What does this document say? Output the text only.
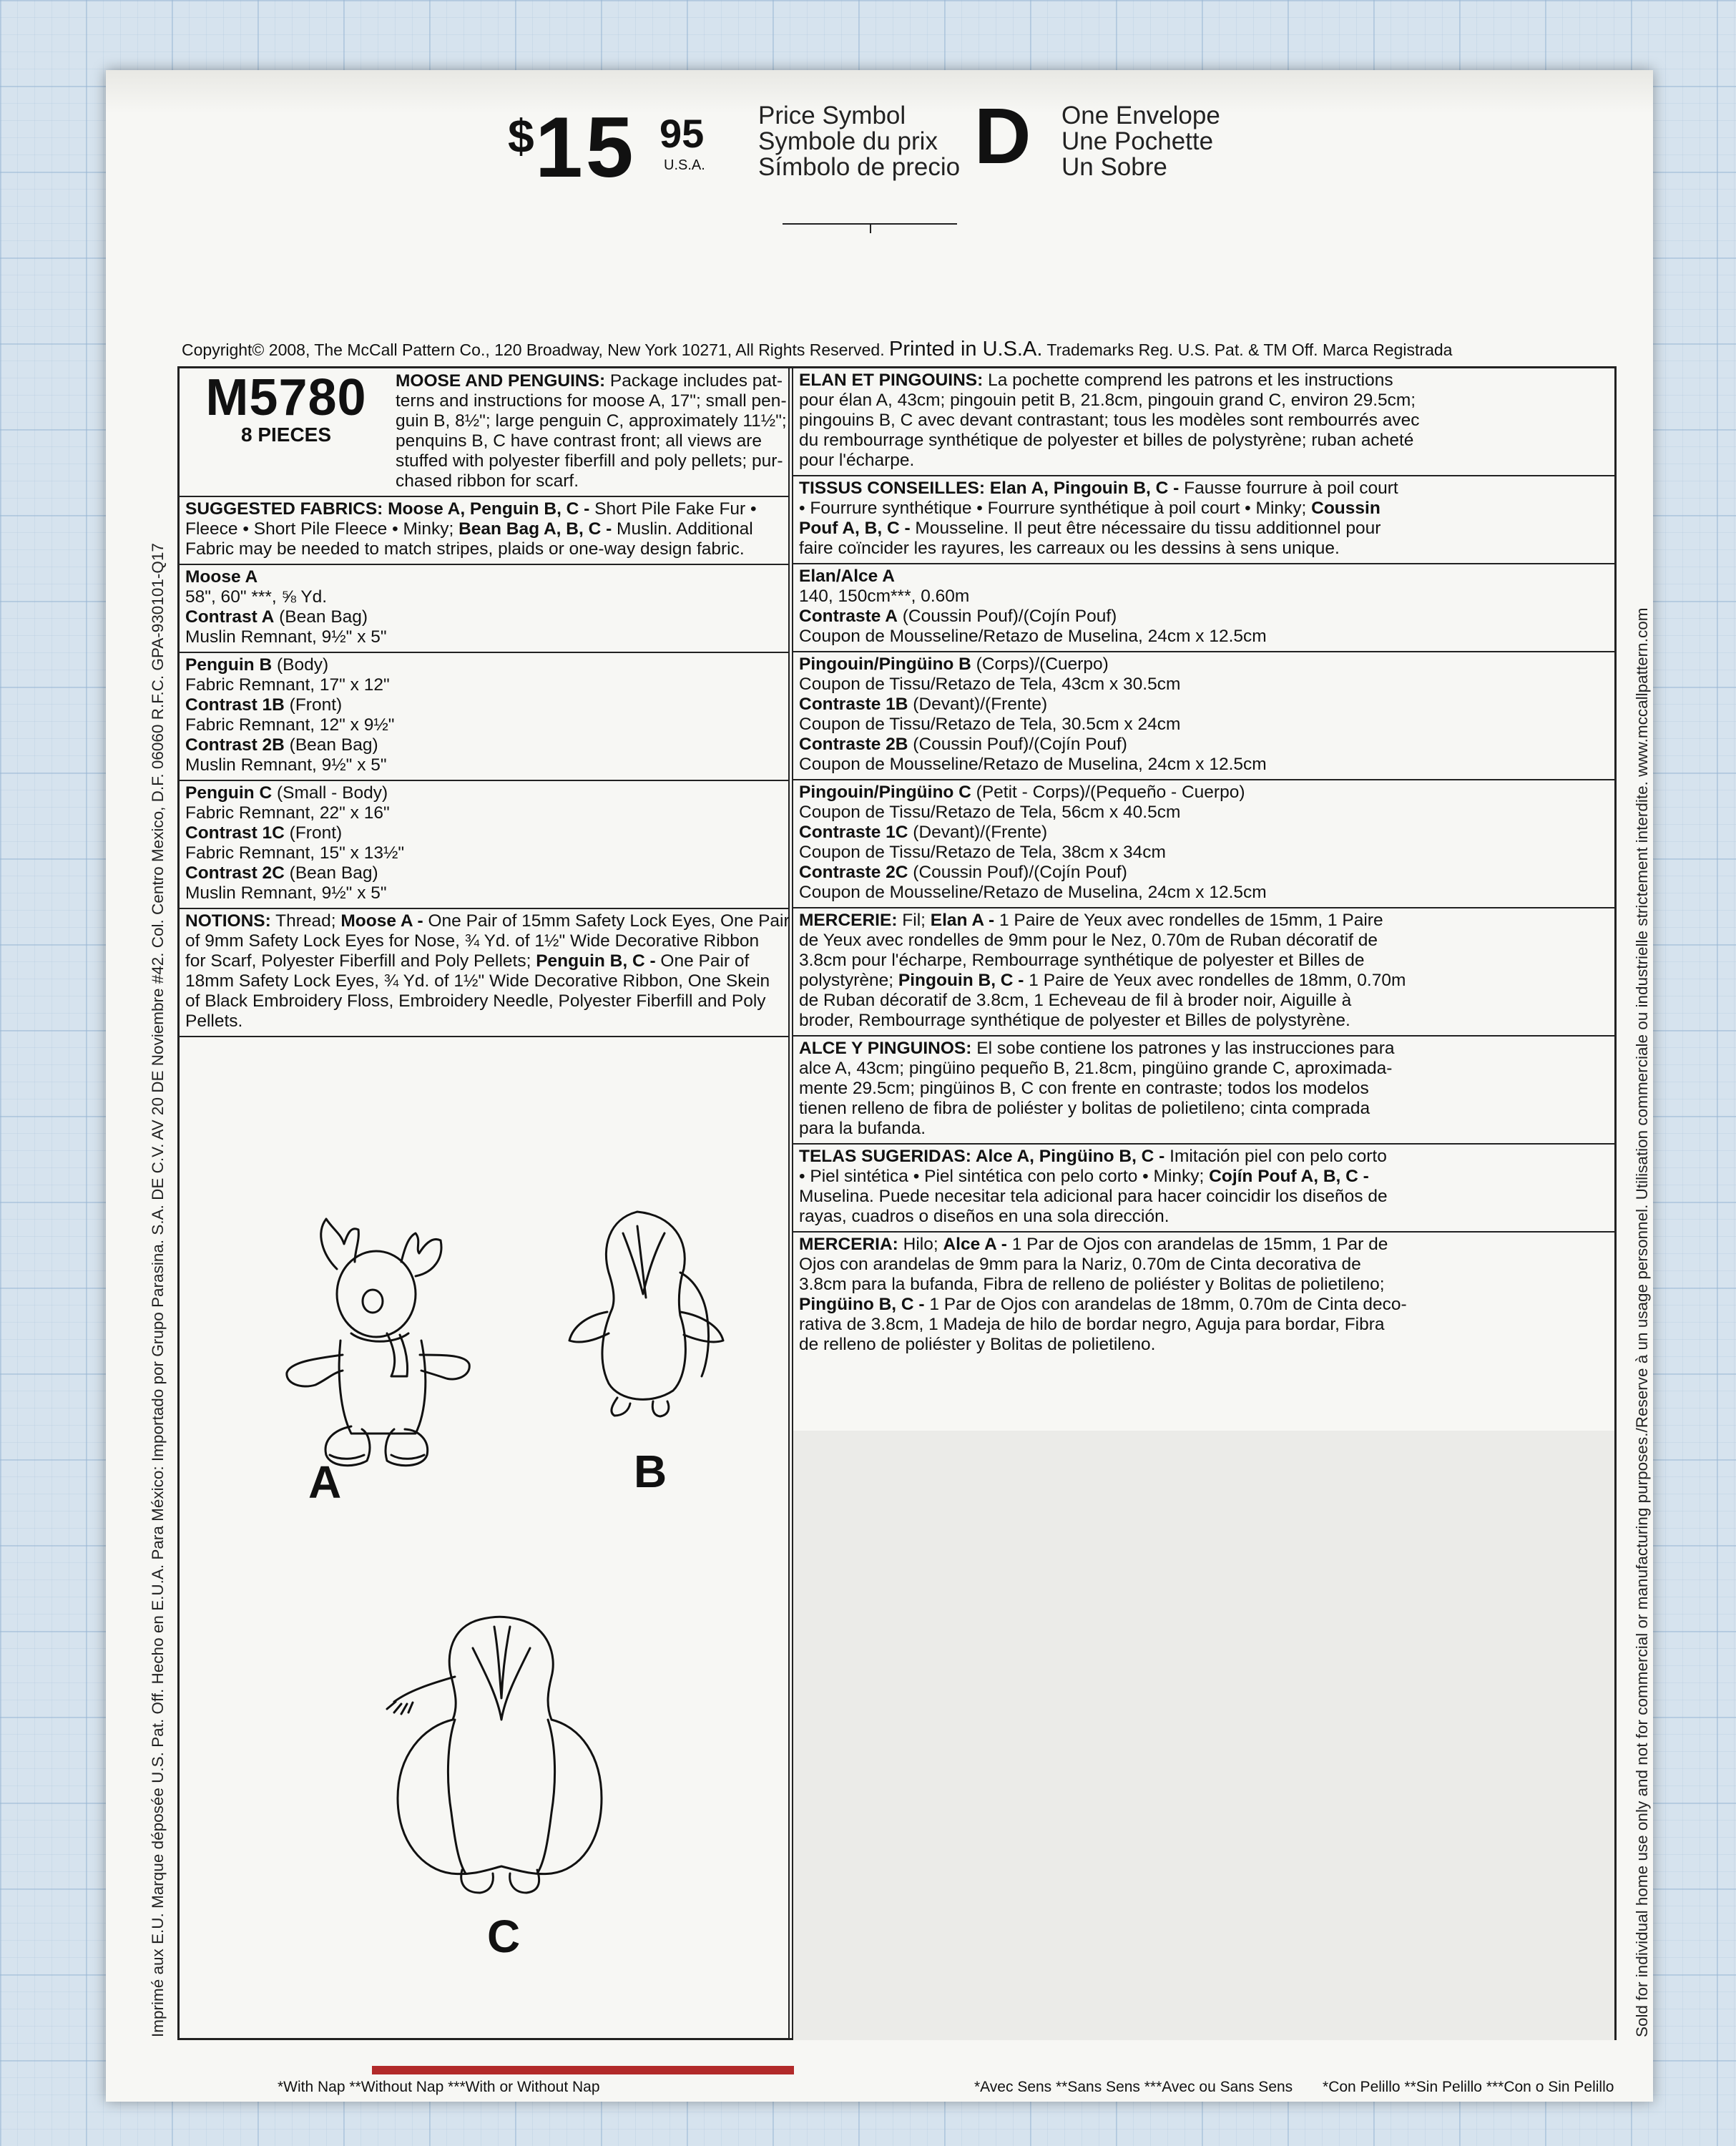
$ 15 95
U.S.A.
Price Symbol
Symbole du prix
Símbolo de precio D One Envelope
Une Pochette
Un Sobre
Copyright© 2008, The McCall Pattern Co., 120 Broadway, New York 10271, All Rights Reserved. Printed in U.S.A. Trademarks Reg. U.S. Pat. & TM Off. Marca Registrada
Imprimé aux E.U. Marque déposée U.S. Pat. Off. Hecho en E.U.A. Para México: Importado por Grupo Parasina. S.A. DE C.V. AV 20 DE Noviembre #42. Col. Centro Mexico, D.F. 06060 R.F.C. GPA-930101-Q17	Sold for individual home use only and not for commercial or manufacturing purposes./Reserve à un usage personnel. Utilisation commerciale ou industrielle strictement interdite. www.mccallpattern.com
M5780
8 PIECES
MOOSE AND PENGUINS: Package includes pat-
terns and instructions for moose A, 17"; small pen-
guin B, 8½"; large penguin C, approximately 11½";
penquins B, C have contrast front; all views are
stuffed with polyester fiberfill and poly pellets; pur-
chased ribbon for scarf.
SUGGESTED FABRICS: Moose A, Penguin B, C - Short Pile Fake Fur •
Fleece • Short Pile Fleece • Minky; Bean Bag A, B, C - Muslin. Additional
Fabric may be needed to match stripes, plaids or one-way design fabric.
Moose A
58", 60" ***, ⅝ Yd.
Contrast A (Bean Bag)
Muslin Remnant, 9½" x 5"
Penguin B (Body)
Fabric Remnant, 17" x 12"
Contrast 1B (Front)
Fabric Remnant, 12" x 9½"
Contrast 2B (Bean Bag)
Muslin Remnant, 9½" x 5"
Penguin C (Small - Body)
Fabric Remnant, 22" x 16"
Contrast 1C (Front)
Fabric Remnant, 15" x 13½"
Contrast 2C (Bean Bag)
Muslin Remnant, 9½" x 5"
NOTIONS: Thread; Moose A - One Pair of 15mm Safety Lock Eyes, One Pair
of 9mm Safety Lock Eyes for Nose, ¾ Yd. of 1½" Wide Decorative Ribbon
for Scarf, Polyester Fiberfill and Poly Pellets; Penguin B, C - One Pair of
18mm Safety Lock Eyes, ¾ Yd. of 1½" Wide Decorative Ribbon, One Skein
of Black Embroidery Floss, Embroidery Needle, Polyester Fiberfill and Poly
Pellets.
A	B
C
ELAN ET PINGOUINS: La pochette comprend les patrons et les instructions
pour élan A, 43cm; pingouin petit B, 21.8cm, pingouin grand C, environ 29.5cm;
pingouins B, C avec devant contrastant; tous les modèles sont rembourrés avec
du rembourrage synthétique de polyester et billes de polystyrène; ruban acheté
pour l'écharpe.
TISSUS CONSEILLES: Elan A, Pingouin B, C - Fausse fourrure à poil court
• Fourrure synthétique • Fourrure synthétique à poil court • Minky; Coussin
Pouf A, B, C - Mousseline. Il peut être nécessaire du tissu additionnel pour
faire coïncider les rayures, les carreaux ou les dessins à sens unique.
Elan/Alce A
140, 150cm***, 0.60m
Contraste A (Coussin Pouf)/(Cojín Pouf)
Coupon de Mousseline/Retazo de Muselina, 24cm x 12.5cm
Pingouin/Pingüino B (Corps)/(Cuerpo)
Coupon de Tissu/Retazo de Tela, 43cm x 30.5cm
Contraste 1B (Devant)/(Frente)
Coupon de Tissu/Retazo de Tela, 30.5cm x 24cm
Contraste 2B (Coussin Pouf)/(Cojín Pouf)
Coupon de Mousseline/Retazo de Muselina, 24cm x 12.5cm
Pingouin/Pingüino C (Petit - Corps)/(Pequeño - Cuerpo)
Coupon de Tissu/Retazo de Tela, 56cm x 40.5cm
Contraste 1C (Devant)/(Frente)
Coupon de Tissu/Retazo de Tela, 38cm x 34cm
Contraste 2C (Coussin Pouf)/(Cojín Pouf)
Coupon de Mousseline/Retazo de Muselina, 24cm x 12.5cm
MERCERIE: Fil; Elan A - 1 Paire de Yeux avec rondelles de 15mm, 1 Paire
de Yeux avec rondelles de 9mm pour le Nez, 0.70m de Ruban décoratif de
3.8cm pour l'écharpe, Rembourrage synthétique de polyester et Billes de
polystyrène; Pingouin B, C - 1 Paire de Yeux avec rondelles de 18mm, 0.70m
de Ruban décoratif de 3.8cm, 1 Echeveau de fil à broder noir, Aiguille à
broder, Rembourrage synthétique de polyester et Billes de polystyrène.
ALCE Y PINGUINOS: El sobe contiene los patrones y las instrucciones para
alce A, 43cm; pingüino pequeño B, 21.8cm, pingüino grande C, aproximada-
mente 29.5cm; pingüinos B, C con frente en contraste; todos los modelos
tienen relleno de fibra de poliéster y bolitas de polietileno; cinta comprada
para la bufanda.
TELAS SUGERIDAS: Alce A, Pingüino B, C - Imitación piel con pelo corto
• Piel sintética • Piel sintética con pelo corto • Minky; Cojín Pouf A, B, C -
Muselina. Puede necesitar tela adicional para hacer coincidir los diseños de
rayas, cuadros o diseños en una sola dirección.
MERCERIA: Hilo; Alce A - 1 Par de Ojos con arandelas de 15mm, 1 Par de
Ojos con arandelas de 9mm para la Nariz, 0.70m de Cinta decorativa de
3.8cm para la bufanda, Fibra de relleno de poliéster y Bolitas de polietileno;
Pingüino B, C - 1 Par de Ojos con arandelas de 18mm, 0.70m de Cinta deco-
rativa de 3.8cm, 1 Madeja de hilo de bordar negro, Aguja para bordar, Fibra
de relleno de poliéster y Bolitas de polietileno.
*With Nap **Without Nap ***With or Without Nap	*Avec Sens **Sans Sens ***Avec ou Sans Sens *Con Pelillo **Sin Pelillo ***Con o Sin Pelillo
